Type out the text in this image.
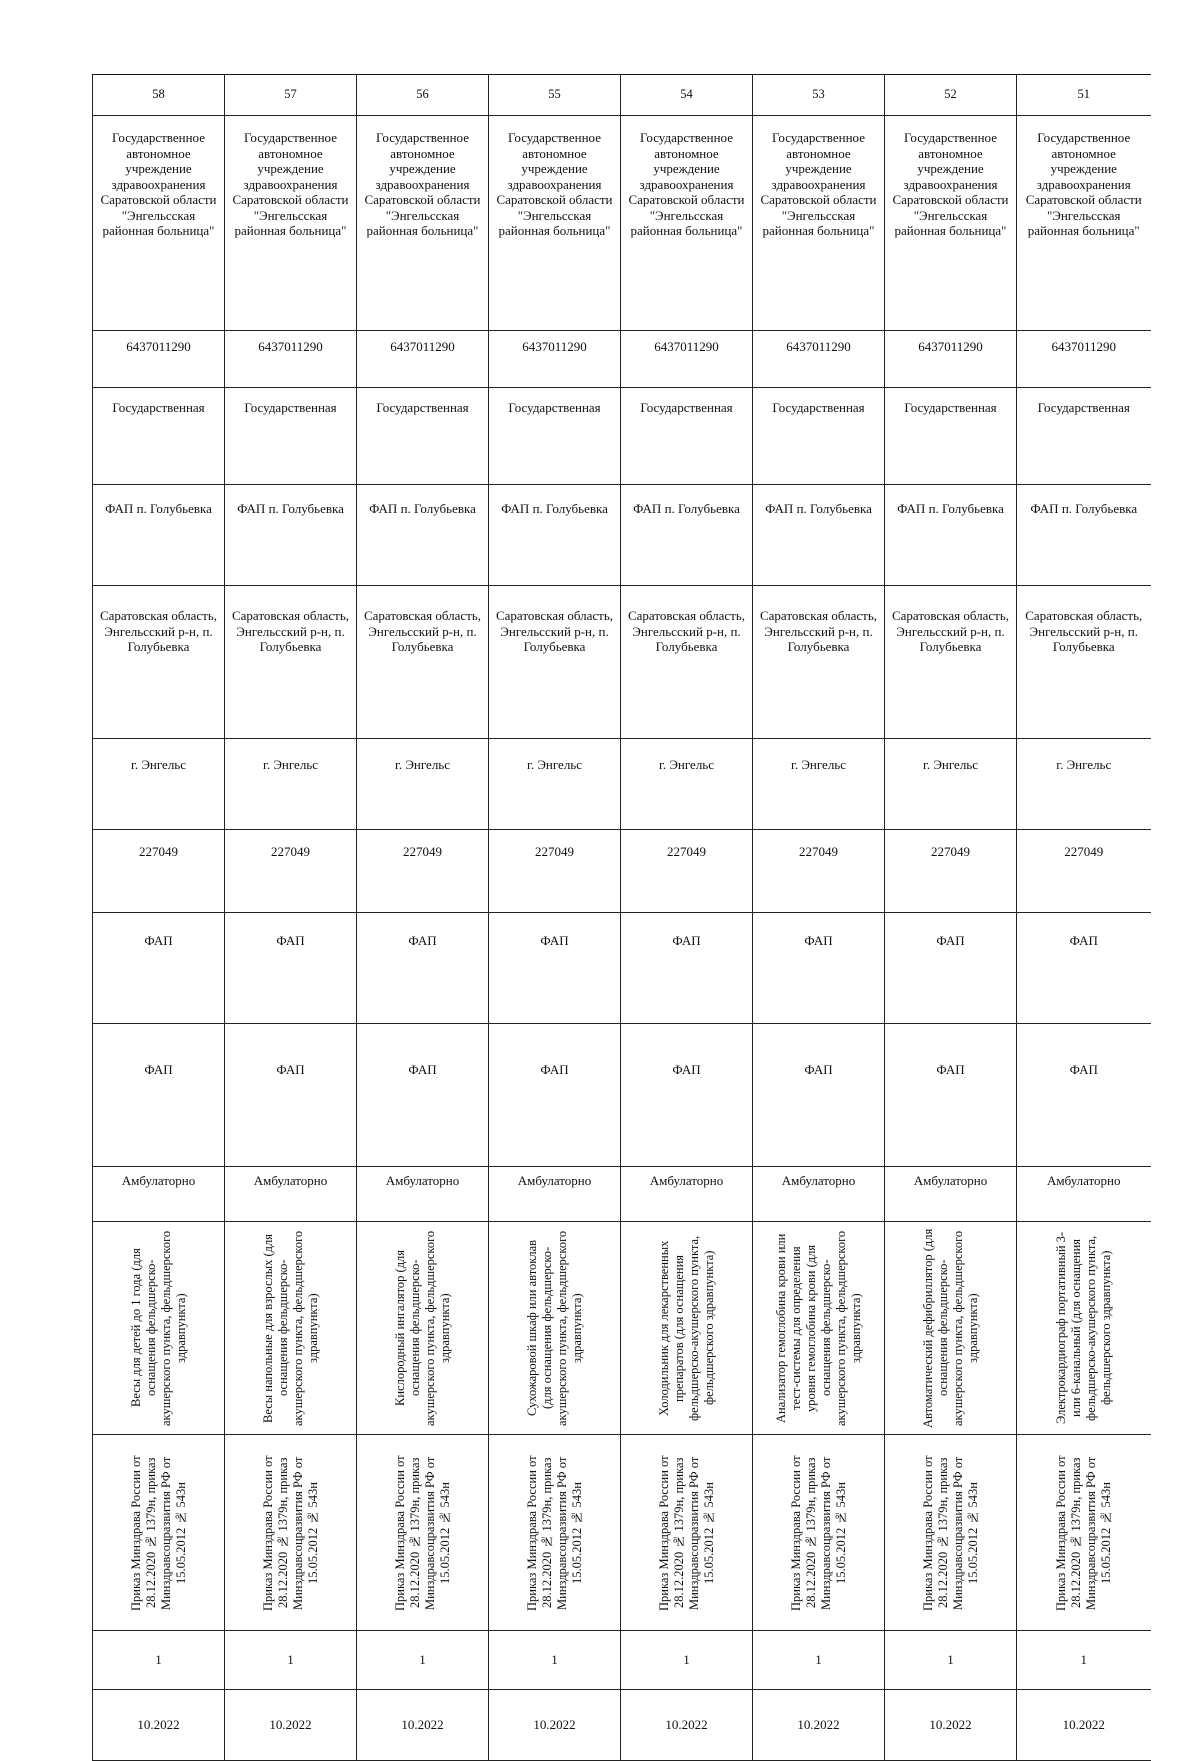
58	57	56	55	54	53	52	51
Государственное автономное учреждение здравоохранения Саратовской области "Энгельсская районная больница"	Государственное автономное учреждение здравоохранения Саратовской области "Энгельсская районная больница"	Государственное автономное учреждение здравоохранения Саратовской области "Энгельсская районная больница"	Государственное автономное учреждение здравоохранения Саратовской области "Энгельсская районная больница"	Государственное автономное учреждение здравоохранения Саратовской области "Энгельсская районная больница"	Государственное автономное учреждение здравоохранения Саратовской области "Энгельсская районная больница"	Государственное автономное учреждение здравоохранения Саратовской области "Энгельсская районная больница"	Государственное автономное учреждение здравоохранения Саратовской области "Энгельсская районная больница"
6437011290	6437011290	6437011290	6437011290	6437011290	6437011290	6437011290	6437011290
Государственная	Государственная	Государственная	Государственная	Государственная	Государственная	Государственная	Государственная
ФАП п. Голубьевка	ФАП п. Голубьевка	ФАП п. Голубьевка	ФАП п. Голубьевка	ФАП п. Голубьевка	ФАП п. Голубьевка	ФАП п. Голубьевка	ФАП п. Голубьевка
Саратовская область, Энгельсский р-н, п. Голубьевка	Саратовская область, Энгельсский р-н, п. Голубьевка	Саратовская область, Энгельсский р-н, п. Голубьевка	Саратовская область, Энгельсский р-н, п. Голубьевка	Саратовская область, Энгельсский р-н, п. Голубьевка	Саратовская область, Энгельсский р-н, п. Голубьевка	Саратовская область, Энгельсский р-н, п. Голубьевка	Саратовская область, Энгельсский р-н, п. Голубьевка
г. Энгельс	г. Энгельс	г. Энгельс	г. Энгельс	г. Энгельс	г. Энгельс	г. Энгельс	г. Энгельс
227049	227049	227049	227049	227049	227049	227049	227049
ФАП	ФАП	ФАП	ФАП	ФАП	ФАП	ФАП	ФАП
ФАП	ФАП	ФАП	ФАП	ФАП	ФАП	ФАП	ФАП
Амбулаторно	Амбулаторно	Амбулаторно	Амбулаторно	Амбулаторно	Амбулаторно	Амбулаторно	Амбулаторно

Весы для детей до 1 года (для оснащения фельдшерско-акушерского пункта, фельдшерского здравпункта)	Весы напольные для взрослых (для оснащения фельдшерско-акушерского пункта, фельдшерского здравпункта)	Кислородный ингалятор (для оснащения фельдшерско-акушерского пункта, фельдшерского здравпункта)	Сухожаровой шкаф или автоклав (для оснащения фельдшерско-акушерского пункта, фельдшерского здравпункта)	Холодильник для лекарственных препаратов (для оснащения фельдшерско-акушерского пункта, фельдшерского здравпункта)	Анализатор гемоглобина крови или тест-системы для определения уровня гемоглобина крови (для оснащения фельдшерско-акушерского пункта, фельдшерского здравпункта)	Автоматический дефибриллятор (для оснащения фельдшерско-акушерского пункта, фельдшерского здравпункта)	Электрокардиограф портативный 3- или 6-канальный (для оснащения фельдшерско-акушерского пункта, фельдшерского здравпункта)

Приказ Минздрава России от 28.12.2020 № 1379н, приказ Минздравсоцразвития РФ от 15.05.2012 № 543н	Приказ Минздрава России от 28.12.2020 № 1379н, приказ Минздравсоцразвития РФ от 15.05.2012 № 543н	Приказ Минздрава России от 28.12.2020 № 1379н, приказ Минздравсоцразвития РФ от 15.05.2012 № 543н	Приказ Минздрава России от 28.12.2020 № 1379н, приказ Минздравсоцразвития РФ от 15.05.2012 № 543н	Приказ Минздрава России от 28.12.2020 № 1379н, приказ Минздравсоцразвития РФ от 15.05.2012 № 543н	Приказ Минздрава России от 28.12.2020 № 1379н, приказ Минздравсоцразвития РФ от 15.05.2012 № 543н	Приказ Минздрава России от 28.12.2020 № 1379н, приказ Минздравсоцразвития РФ от 15.05.2012 № 543н	Приказ Минздрава России от 28.12.2020 № 1379н, приказ Минздравсоцразвития РФ от 15.05.2012 № 543н

1	1	1	1	1	1	1	1
10.2022	10.2022	10.2022	10.2022	10.2022	10.2022	10.2022	10.2022
